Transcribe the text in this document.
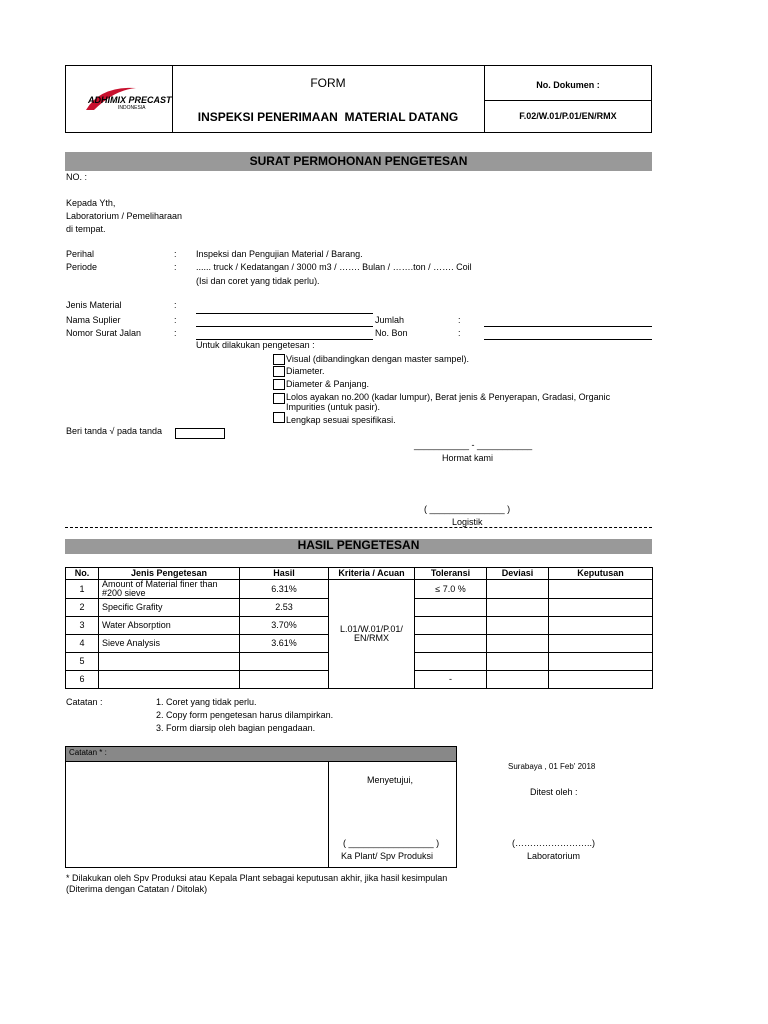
ADHIMIX PRECAST
INDONESIA
FORM
INSPEKSI PENERIMAAN  MATERIAL DATANG
No. Dokumen :
F.02/W.01/P.01/EN/RMX
SURAT PERMOHONAN PENGETESAN
NO. :
Kepada Yth,
Laboratorium / Pemeliharaan
di tempat.
Perihal	: Inspeksi dan Pengujian Material / Barang.
Periode	: ...... truck / Kedatangan / 3000 m3 / ……. Bulan / …….ton / ……. Coil
(Isi dan coret yang tidak perlu).
Jenis Material	:
Nama Suplier	:	Jumlah	:
Nomor Surat Jalan	:	No. Bon	:
Untuk dilakukan pengetesan :
Visual (dibandingkan dengan master sampel).
Diameter.
Diameter & Panjang.
Lolos ayakan no.200 (kadar lumpur), Berat jenis & Penyerapan, Gradasi, Organic
Impurities (untuk pasir).
Lengkap sesuai spesifikasi.
Beri tanda √ pada tanda
___________ - ___________
Hormat kami
( _______________ )
Logistik
HASIL PENGETESAN
No.	Jenis Pengetesan	Hasil	Kriteria / Acuan	Toleransi	Deviasi	Keputusan
1	Amount of Material finer than #200 sieve	6.31%	L.01/W.01/P.01/ EN/RMX	≤ 7.0 %		
2	Specific Grafity	2.53				
3	Water Absorption	3.70%				
4	Sieve Analysis	3.61%				
5						
6				-		
Catatan :	1. Coret yang tidak perlu.
2. Copy form pengetesan harus dilampirkan.
3. Form diarsip oleh bagian pengadaan.
Catatan * :
Menyetujui,
( _________________ )
Ka Plant/ Spv Produksi
Surabaya , 01 Feb' 2018
Ditest oleh :
(……………………..)
Laboratorium
* Dilakukan oleh Spv Produksi atau Kepala Plant sebagai keputusan akhir, jika hasil kesimpulan
(Diterima dengan Catatan / Ditolak)
